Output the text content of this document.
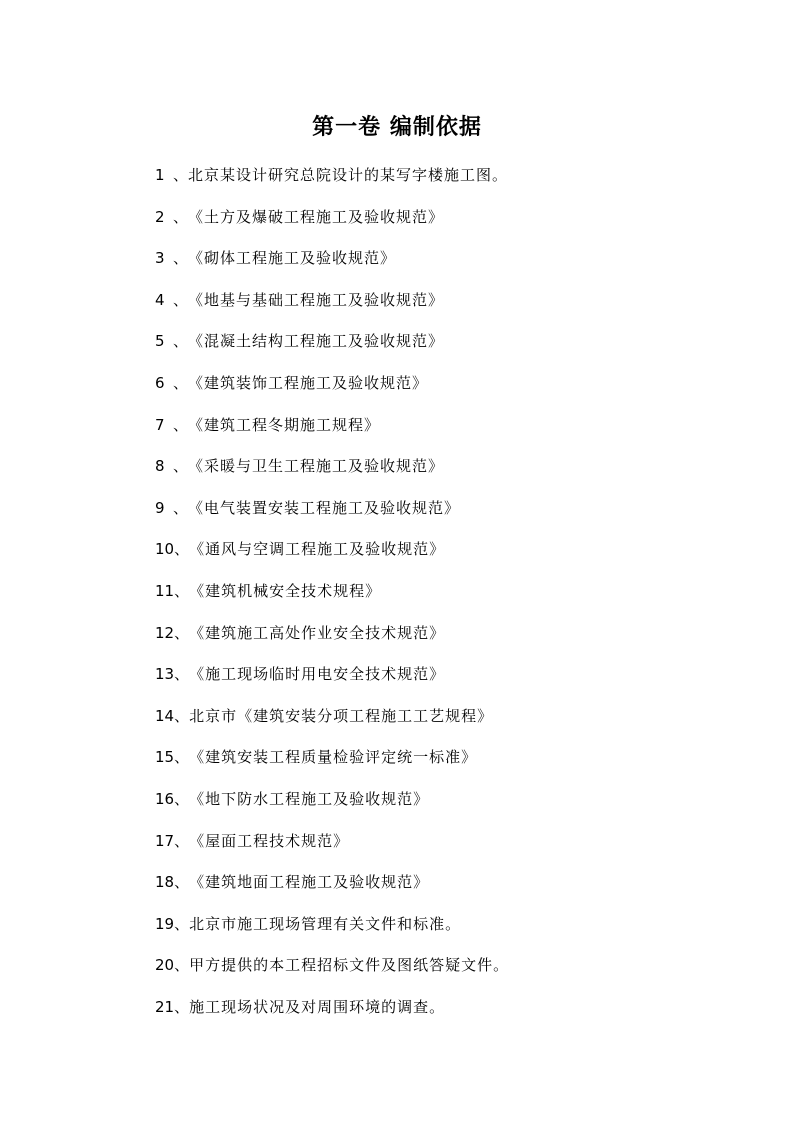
第一卷 编制依据
1 、 北京某设计研究总院设计的某写字楼施工图。
2 、 《土方及爆破工程施工及验收规范》
3 、 《砌体工程施工及验收规范》
4 、 《地基与基础工程施工及验收规范》
5 、 《混凝土结构工程施工及验收规范》
6 、 《建筑装饰工程施工及验收规范》
7 、 《建筑工程冬期施工规程》
8 、 《采暖与卫生工程施工及验收规范》
9 、 《电气装置安装工程施工及验收规范》
10 、 《通风与空调工程施工及验收规范》
11 、 《建筑机械安全技术规程》
12 、 《建筑施工高处作业安全技术规范》
13 、 《施工现场临时用电安全技术规范》
14 、 北京市《建筑安装分项工程施工工艺规程》
15 、 《建筑安装工程质量检验评定统一标准》
16 、 《地下防水工程施工及验收规范》
17 、 《屋面工程技术规范》
18 、 《建筑地面工程施工及验收规范》
19 、 北京市施工现场管理有关文件和标准。
20 、 甲方提供的本工程招标文件及图纸答疑文件。
21 、 施工现场状况及对周围环境的调查。
